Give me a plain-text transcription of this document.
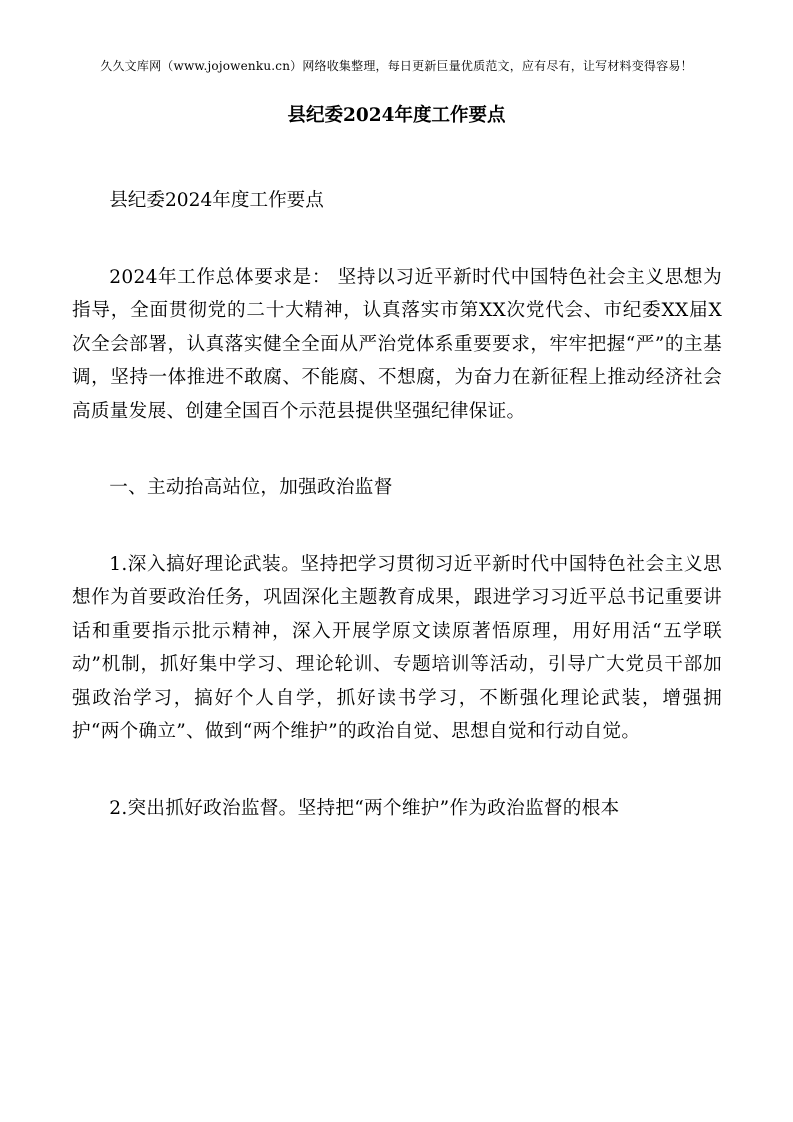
久久文库网（www.jojowenku.cn）网络收集整理，每日更新巨量优质范文，应有尽有，让写材料变得容易！
县纪委2024年度工作要点

县纪委2024年度工作要点

2024年工作总体要求是： 坚持以习近平新时代中国特色社会主义思想为指导，全面贯彻党的二十大精神，认真落实市第XX次党代会、市纪委XX届X次全会部署，认真落实健全全面从严治党体系重要要求，牢牢把握“严”的主基调，坚持一体推进不敢腐、不能腐、不想腐，为奋力在新征程上推动经济社会高质量发展、创建全国百个示范县提供坚强纪律保证。

一、主动抬高站位，加强政治监督

1.深入搞好理论武装。坚持把学习贯彻习近平新时代中国特色社会主义思想作为首要政治任务，巩固深化主题教育成果，跟进学习习近平总书记重要讲话和重要指示批示精神，深入开展学原文读原著悟原理，用好用活“五学联动”机制，抓好集中学习、理论轮训、专题培训等活动，引导广大党员干部加强政治学习，搞好个人自学，抓好读书学习，不断强化理论武装，增强拥护“两个确立”、做到“两个维护”的政治自觉、思想自觉和行动自觉。

2.突出抓好政治监督。坚持把“两个维护”作为政治监督的根本
